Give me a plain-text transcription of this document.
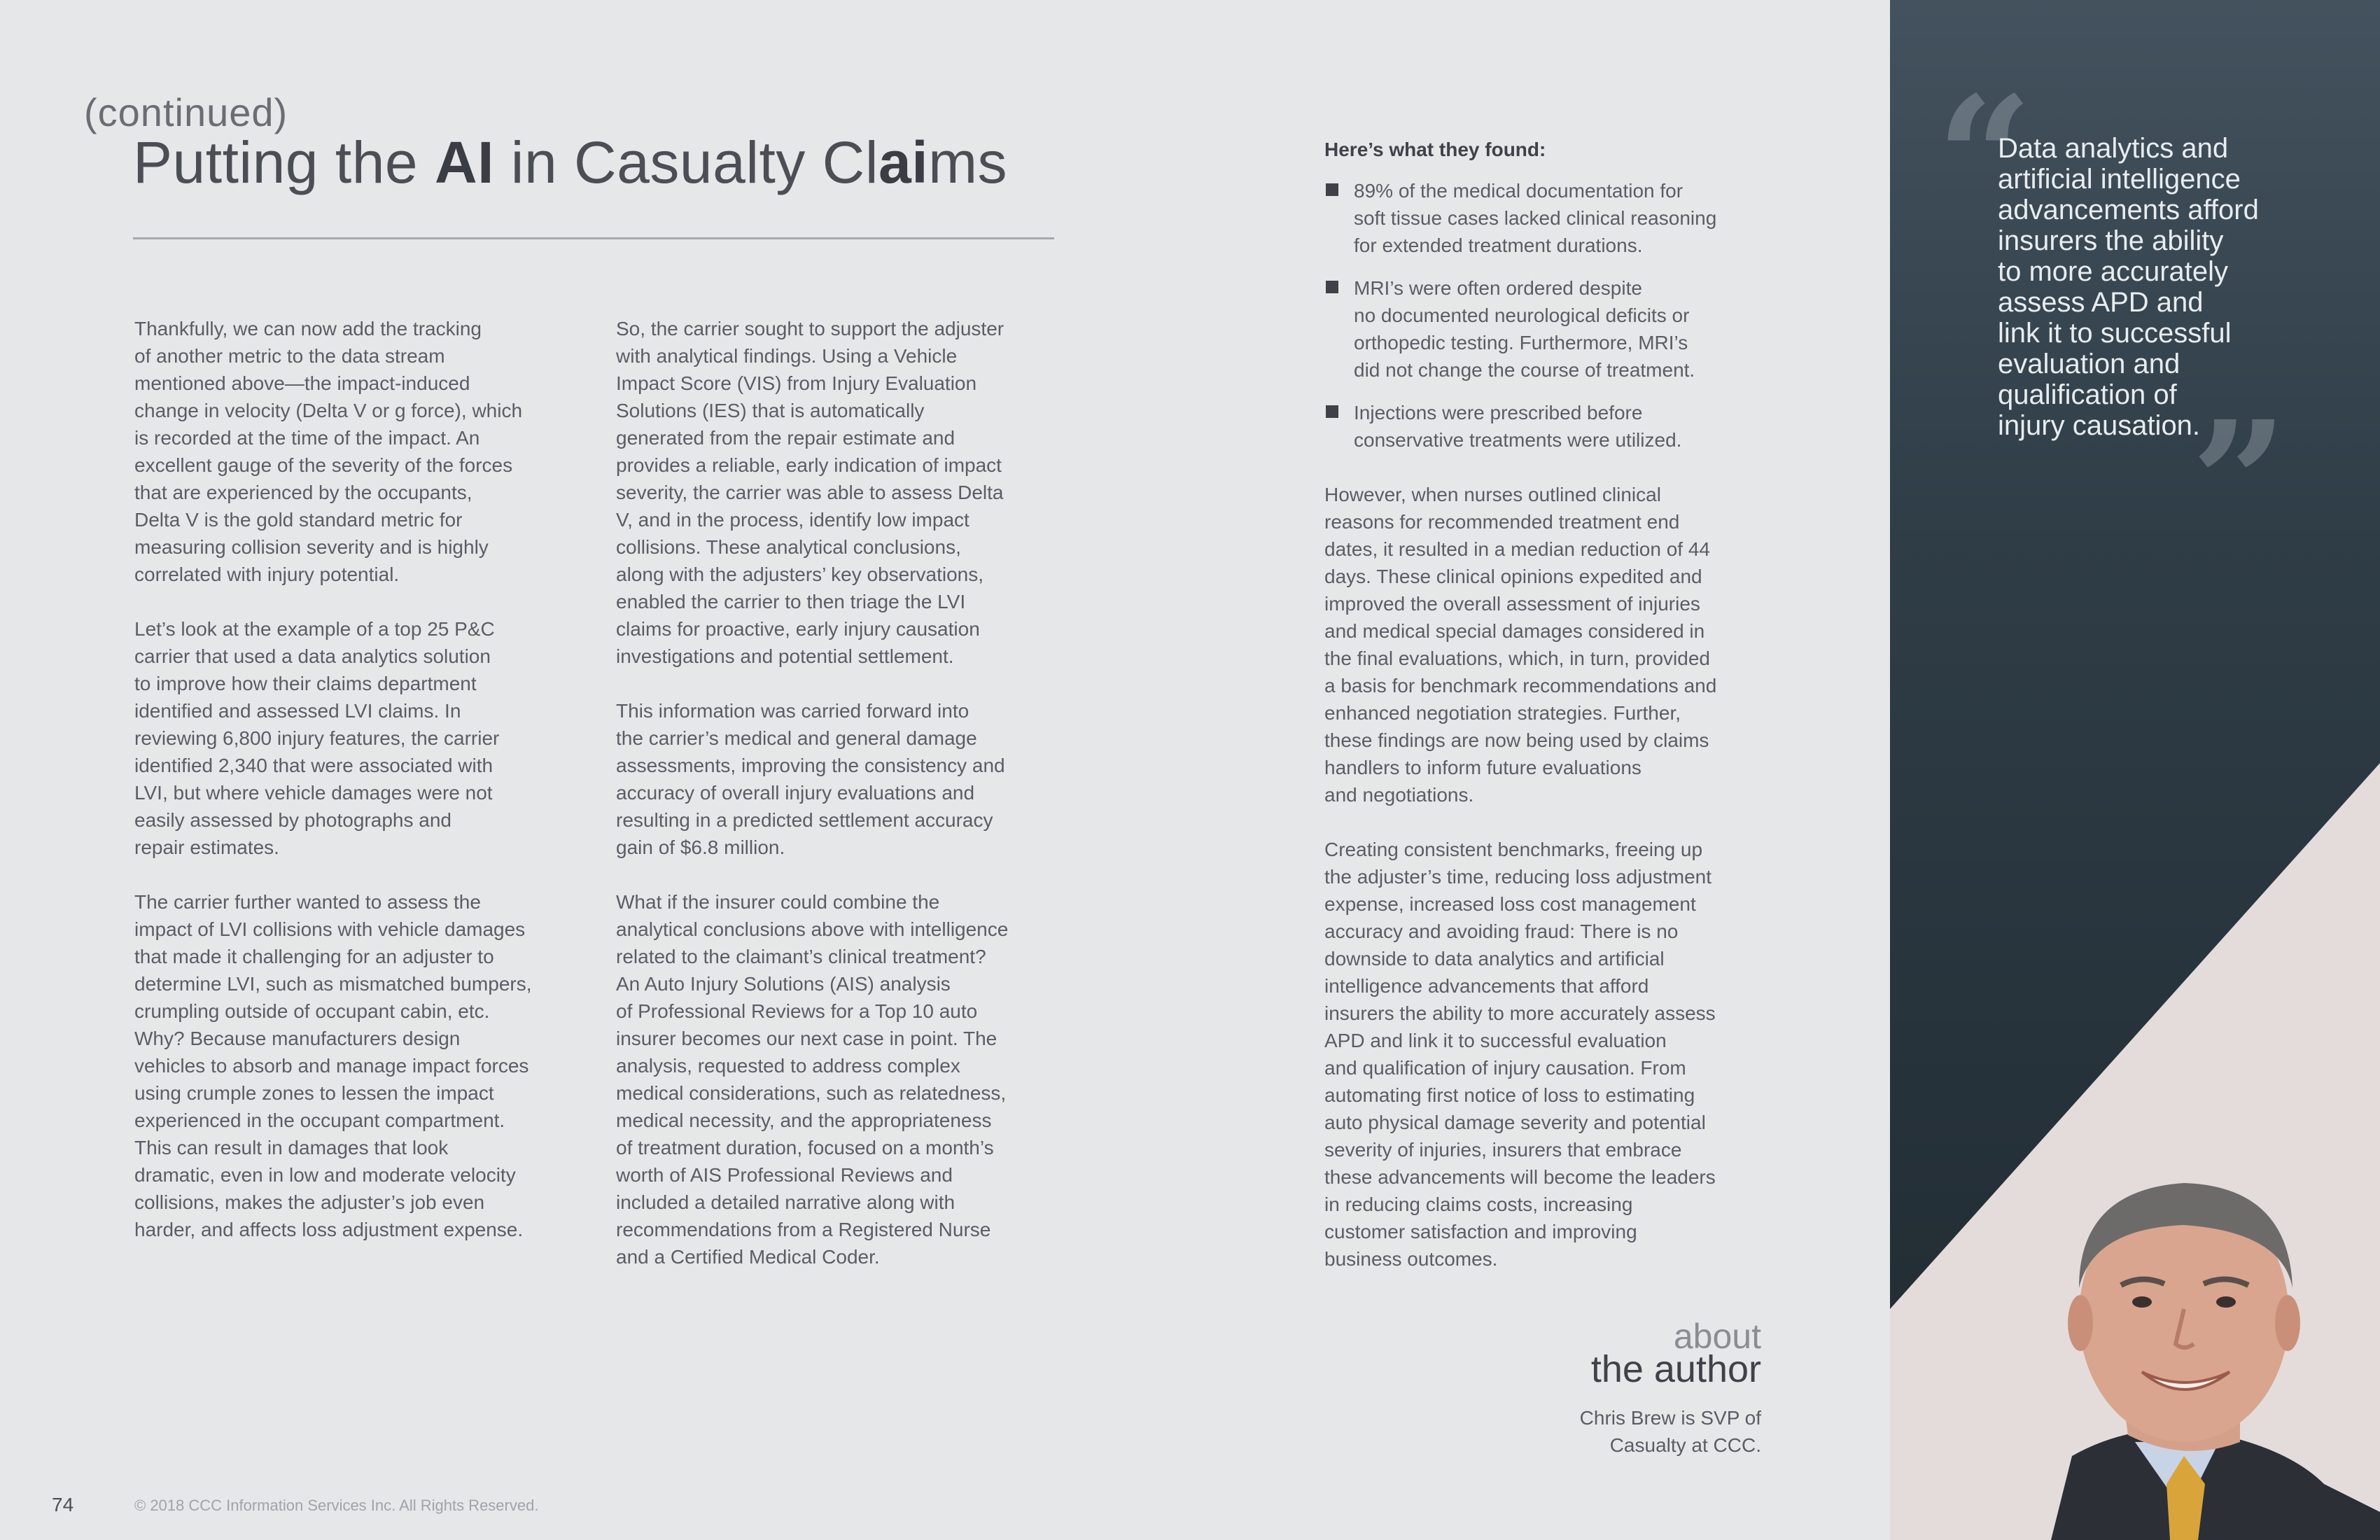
(continued)
Putting the AI in Casualty Claims

Thankfully, we can now add the tracking
of another metric to the data stream
mentioned above—the impact-induced
change in velocity (Delta V or g force), which
is recorded at the time of the impact. An
excellent gauge of the severity of the forces
that are experienced by the occupants,
Delta V is the gold standard metric for
measuring collision severity and is highly
correlated with injury potential.

Let’s look at the example of a top 25 P&C
carrier that used a data analytics solution
to improve how their claims department
identified and assessed LVI claims. In
reviewing 6,800 injury features, the carrier
identified 2,340 that were associated with
LVI, but where vehicle damages were not
easily assessed by photographs and
repair estimates.

The carrier further wanted to assess the
impact of LVI collisions with vehicle damages
that made it challenging for an adjuster to
determine LVI, such as mismatched bumpers,
crumpling outside of occupant cabin, etc.
Why? Because manufacturers design
vehicles to absorb and manage impact forces
using crumple zones to lessen the impact
experienced in the occupant compartment.
This can result in damages that look
dramatic, even in low and moderate velocity
collisions, makes the adjuster’s job even
harder, and affects loss adjustment expense.

So, the carrier sought to support the adjuster
with analytical findings. Using a Vehicle
Impact Score (VIS) from Injury Evaluation
Solutions (IES) that is automatically
generated from the repair estimate and
provides a reliable, early indication of impact
severity, the carrier was able to assess Delta
V, and in the process, identify low impact
collisions. These analytical conclusions,
along with the adjusters’ key observations,
enabled the carrier to then triage the LVI
claims for proactive, early injury causation
investigations and potential settlement.

This information was carried forward into
the carrier’s medical and general damage
assessments, improving the consistency and
accuracy of overall injury evaluations and
resulting in a predicted settlement accuracy
gain of $6.8 million.

What if the insurer could combine the
analytical conclusions above with intelligence
related to the claimant’s clinical treatment?
An Auto Injury Solutions (AIS) analysis
of Professional Reviews for a Top 10 auto
insurer becomes our next case in point. The
analysis, requested to address complex
medical considerations, such as relatedness,
medical necessity, and the appropriateness
of treatment duration, focused on a month’s
worth of AIS Professional Reviews and
included a detailed narrative along with
recommendations from a Registered Nurse
and a Certified Medical Coder.

Here’s what they found:
89% of the medical documentation for
soft tissue cases lacked clinical reasoning
for extended treatment durations.
MRI’s were often ordered despite
no documented neurological deficits or
orthopedic testing. Furthermore, MRI’s
did not change the course of treatment.
Injections were prescribed before
conservative treatments were utilized.

However, when nurses outlined clinical
reasons for recommended treatment end
dates, it resulted in a median reduction of 44
days. These clinical opinions expedited and
improved the overall assessment of injuries
and medical special damages considered in
the final evaluations, which, in turn, provided
a basis for benchmark recommendations and
enhanced negotiation strategies. Further,
these findings are now being used by claims
handlers to inform future evaluations
and negotiations.

Creating consistent benchmarks, freeing up
the adjuster’s time, reducing loss adjustment
expense, increased loss cost management
accuracy and avoiding fraud: There is no
downside to data analytics and artificial
intelligence advancements that afford
insurers the ability to more accurately assess
APD and link it to successful evaluation
and qualification of injury causation. From
automating first notice of loss to estimating
auto physical damage severity and potential
severity of injuries, insurers that embrace
these advancements will become the leaders
in reducing claims costs, increasing
customer satisfaction and improving
business outcomes.

about
the author
Chris Brew is SVP of
Casualty at CCC.
74	© 2018 CCC Information Services Inc. All Rights Reserved.
“
”
Data analytics and
artificial intelligence
advancements afford
insurers the ability
to more accurately
assess APD and
link it to successful
evaluation and
qualification of
injury causation.
